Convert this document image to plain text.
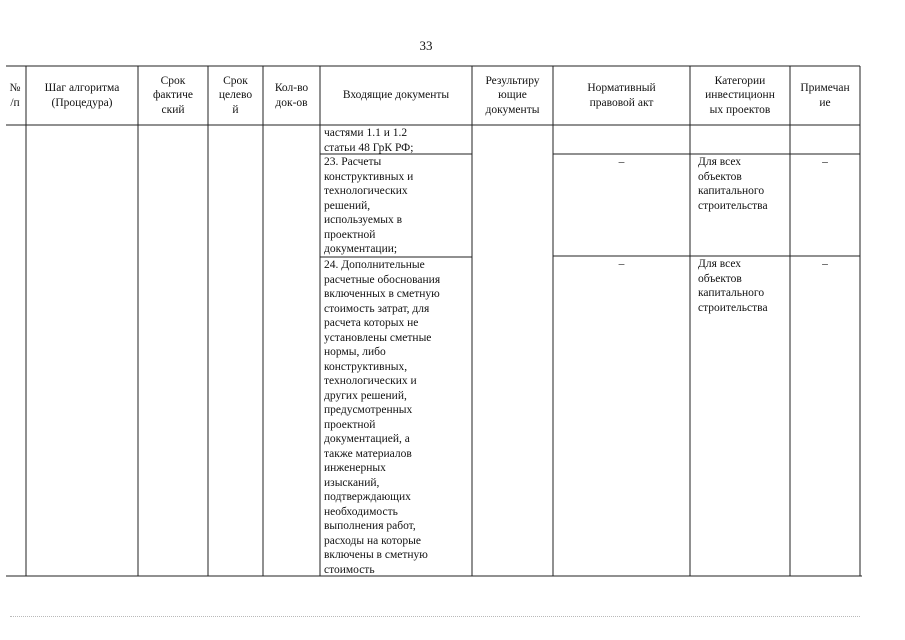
33
№
/п
Шаг алгоритма
(Процедура)
Срок
фактиче
ский
Срок
целево
й
Кол-во
док-ов
Входящие документы
Результиру
ющие
документы
Нормативный
правовой акт
Категории
инвестиционн
ых проектов
Примечан
ие
частями 1.1 и 1.2
статьи 48 ГрК РФ;
23. Расчеты
конструктивных и
технологических
решений,
используемых в
проектной
документации;
–	Для всех
объектов
капитального
строительства
–
24. Дополнительные
расчетные обоснования
включенных в сметную
стоимость затрат, для
расчета которых не
установлены сметные
нормы, либо
конструктивных,
технологических и
других решений,
предусмотренных
проектной
документацией, а
также материалов
инженерных
изысканий,
подтверждающих
необходимость
выполнения работ,
расходы на которые
включены в сметную
стоимость
–	Для всех
объектов
капитального
строительства
–
